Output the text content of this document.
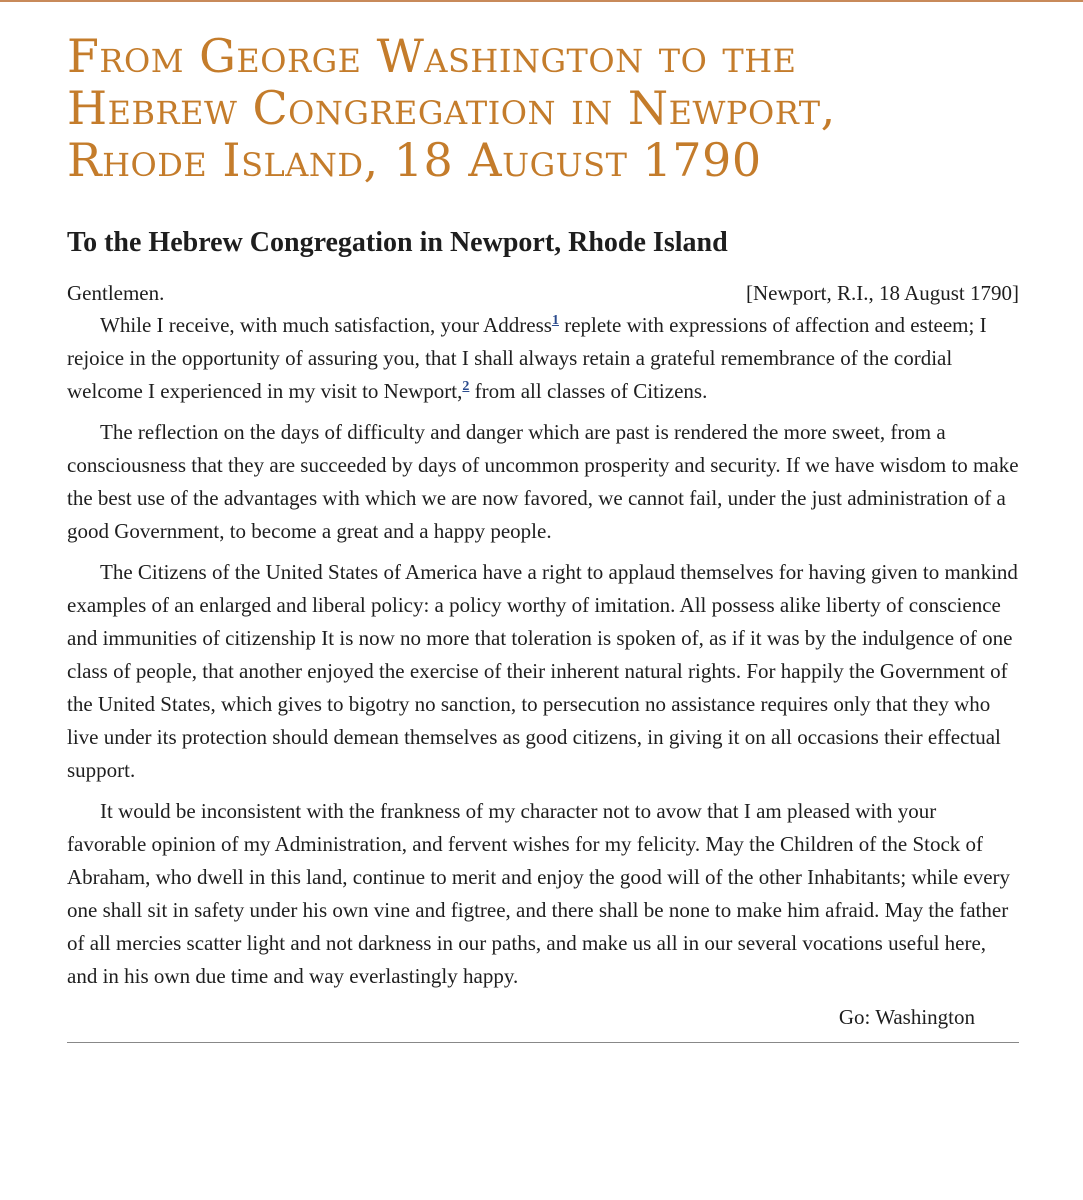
From George Washington to the Hebrew Congregation in Newport, Rhode Island, 18 August 1790
To the Hebrew Congregation in Newport, Rhode Island
Gentlemen.	[Newport, R.I., 18 August 1790]

While I receive, with much satisfaction, your Address$^1$ replete with expressions of affection and esteem; I rejoice in the opportunity of assuring you, that I shall always retain a grateful remembrance of the cordial welcome I experienced in my visit to Newport,$^2$ from all classes of Citizens.

The reflection on the days of difficulty and danger which are past is rendered the more sweet, from a consciousness that they are succeeded by days of uncommon prosperity and security. If we have wisdom to make the best use of the advantages with which we are now favored, we cannot fail, under the just administration of a good Government, to become a great and a happy people.

The Citizens of the United States of America have a right to applaud themselves for having given to mankind examples of an enlarged and liberal policy: a policy worthy of imitation. All possess alike liberty of conscience and immunities of citizenship It is now no more that toleration is spoken of, as if it was by the indulgence of one class of people, that another enjoyed the exercise of their inherent natural rights. For happily the Government of the United States, which gives to bigotry no sanction, to persecution no assistance requires only that they who live under its protection should demean themselves as good citizens, in giving it on all occasions their effectual support.

It would be inconsistent with the frankness of my character not to avow that I am pleased with your favorable opinion of my Administration, and fervent wishes for my felicity. May the Children of the Stock of Abraham, who dwell in this land, continue to merit and enjoy the good will of the other Inhabitants; while every one shall sit in safety under his own vine and figtree, and there shall be none to make him afraid. May the father of all mercies scatter light and not darkness in our paths, and make us all in our several vocations useful here, and in his own due time and way everlastingly happy.

Go: Washington
